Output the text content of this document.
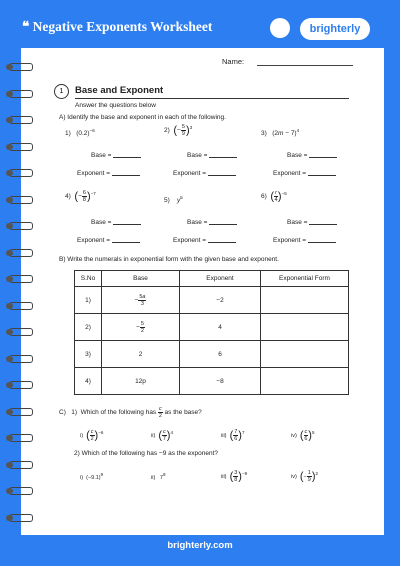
❝ Negative Exponents Worksheet	brighterly
Name:
1	Base and Exponent
Answer the questions below
A) Identify the base and exponent in each of the following.
1)   $(0.2)^{-6}$	2)  (− $\frac{5}{9} )^3$
3)   $(2m - 7)^4$
Base =	Base =	Base =
Exponent =	Exponent =	Exponent =
4)  (− $\frac{6}{8} )^{-7}$
5)    $y^5$	6)  ( $\frac{r}{4} )^{-5}$
Base =	Base =	Base =
Exponent =	Exponent =	Exponent =
B) Write the numerals in exponential form with the given base and exponent.
S.No	Base	Exponent	Exponential Form
1)	− $\frac{5a}{3}$	−2	
2)	− $\frac{5}{2}$	4	
3)	2	6	
4)	12p	−8	
C)   1)  Which of the following has $\frac{c}{2}$ as the base?
i) ( $\frac{c}{2} )^{-6}$
ii) ( $\frac{c}{7} )^4$
iii) ( $\frac{7}{6} )^7$
iv) ( $\frac{c}{6} )^5$
2) Which of the following has −9 as the exponent?
i)  $(-9.1)^9$
ii)   $7^9$	iii) ( $\frac{3}{8} )^{-9}$
iv) (− $\frac{1}{9} )^2$
brighterly.com
